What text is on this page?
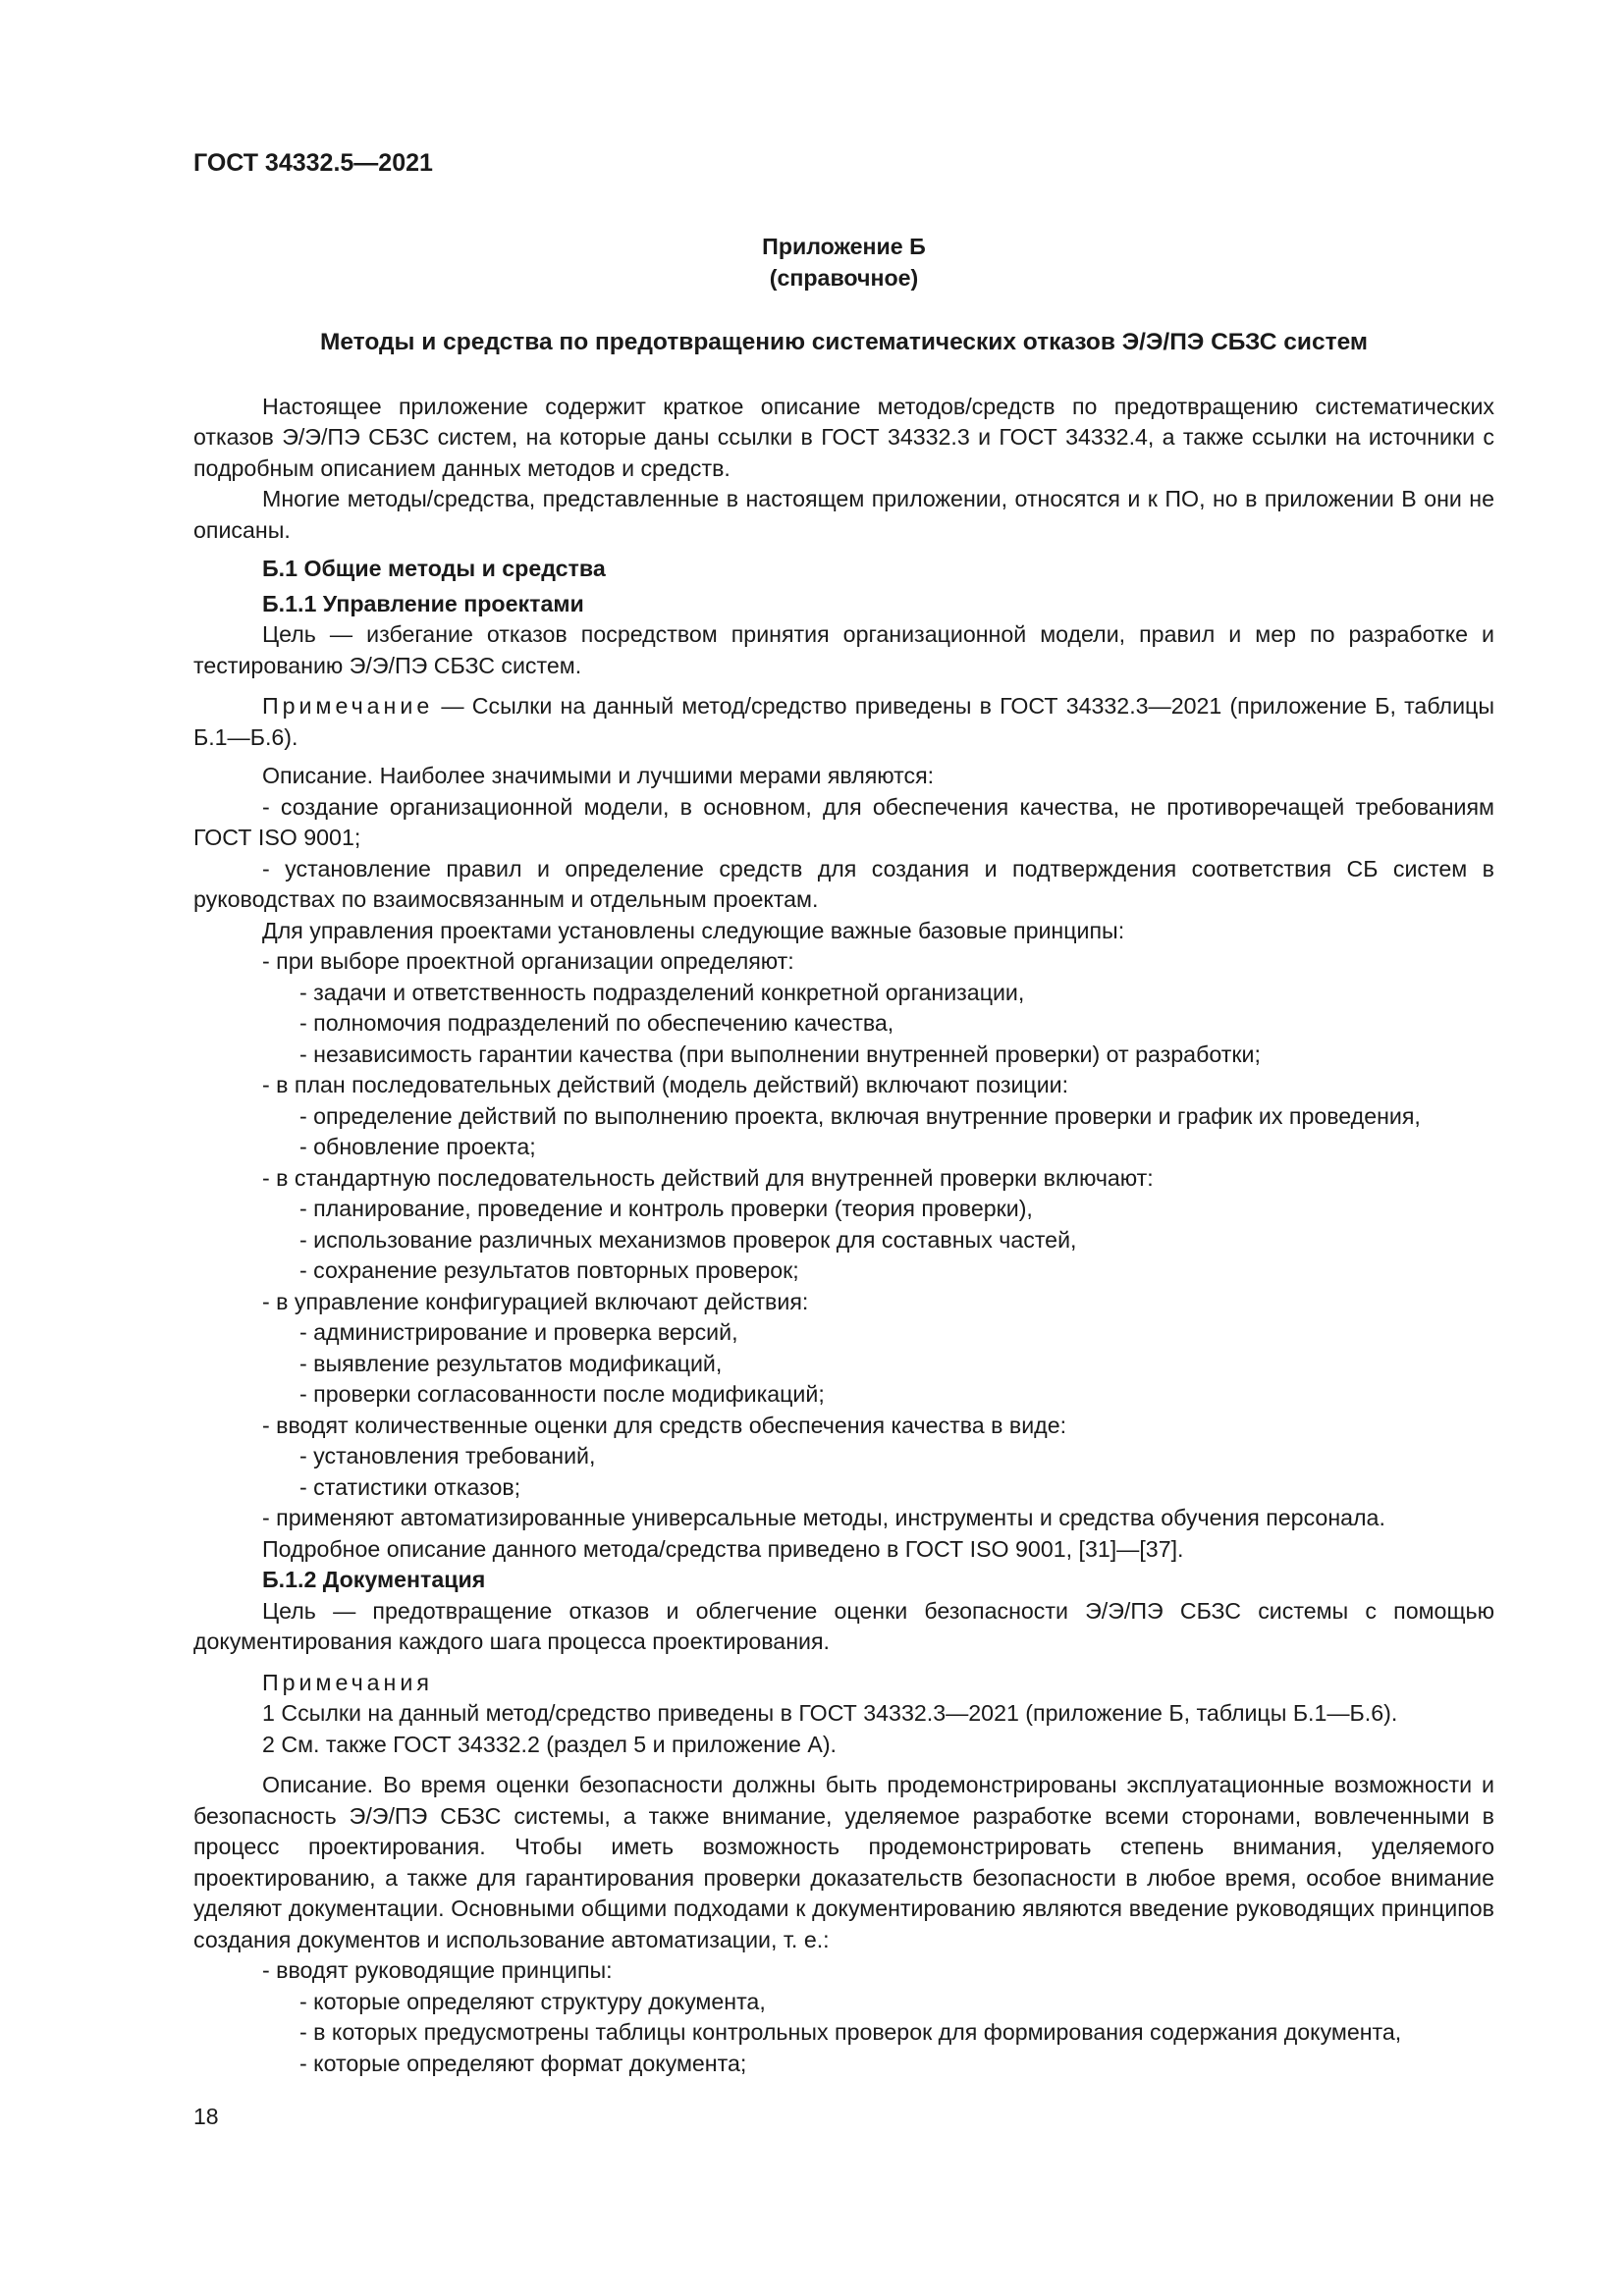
ГОСТ 34332.5—2021
Приложение Б
(справочное)
Методы и средства по предотвращению систематических отказов Э/Э/ПЭ СБЗС систем
Настоящее приложение содержит краткое описание методов/средств по предотвращению систематических отказов Э/Э/ПЭ СБЗС систем, на которые даны ссылки в ГОСТ 34332.3 и ГОСТ 34332.4, а также ссылки на источники с подробным описанием данных методов и средств.
Многие методы/средства, представленные в настоящем приложении, относятся и к ПО, но в приложении В они не описаны.
Б.1 Общие методы и средства
Б.1.1 Управление проектами
Цель — избегание отказов посредством принятия организационной модели, правил и мер по разработке и тестированию Э/Э/ПЭ СБЗС систем.
Примечание — Ссылки на данный метод/средство приведены в ГОСТ 34332.3—2021 (приложение Б, таблицы Б.1—Б.6).
Описание. Наиболее значимыми и лучшими мерами являются:
- создание организационной модели, в основном, для обеспечения качества, не противоречащей требованиям ГОСТ ISO 9001;
- установление правил и определение средств для создания и подтверждения соответствия СБ систем в руководствах по взаимосвязанным и отдельным проектам.
Для управления проектами установлены следующие важные базовые принципы:
- при выборе проектной организации определяют:
- задачи и ответственность подразделений конкретной организации,
- полномочия подразделений по обеспечению качества,
- независимость гарантии качества (при выполнении внутренней проверки) от разработки;
- в план последовательных действий (модель действий) включают позиции:
- определение действий по выполнению проекта, включая внутренние проверки и график их проведения,
- обновление проекта;
- в стандартную последовательность действий для внутренней проверки включают:
- планирование, проведение и контроль проверки (теория проверки),
- использование различных механизмов проверок для составных частей,
- сохранение результатов повторных проверок;
- в управление конфигурацией включают действия:
- администрирование и проверка версий,
- выявление результатов модификаций,
- проверки согласованности после модификаций;
- вводят количественные оценки для средств обеспечения качества в виде:
- установления требований,
- статистики отказов;
- применяют автоматизированные универсальные методы, инструменты и средства обучения персонала.
Подробное описание данного метода/средства приведено в ГОСТ ISO 9001, [31]—[37].
Б.1.2 Документация
Цель — предотвращение отказов и облегчение оценки безопасности Э/Э/ПЭ СБЗС системы с помощью документирования каждого шага процесса проектирования.
Примечания
1 Ссылки на данный метод/средство приведены в ГОСТ 34332.3—2021 (приложение Б, таблицы Б.1—Б.6).
2 См. также ГОСТ 34332.2 (раздел 5 и приложение А).
Описание. Во время оценки безопасности должны быть продемонстрированы эксплуатационные возможности и безопасность Э/Э/ПЭ СБЗС системы, а также внимание, уделяемое разработке всеми сторонами, вовлеченными в процесс проектирования. Чтобы иметь возможность продемонстрировать степень внимания, уделяемого проектированию, а также для гарантирования проверки доказательств безопасности в любое время, особое внимание уделяют документации. Основными общими подходами к документированию являются введение руководящих принципов создания документов и использование автоматизации, т. е.:
- вводят руководящие принципы:
- которые определяют структуру документа,
- в которых предусмотрены таблицы контрольных проверок для формирования содержания документа,
- которые определяют формат документа;
18
